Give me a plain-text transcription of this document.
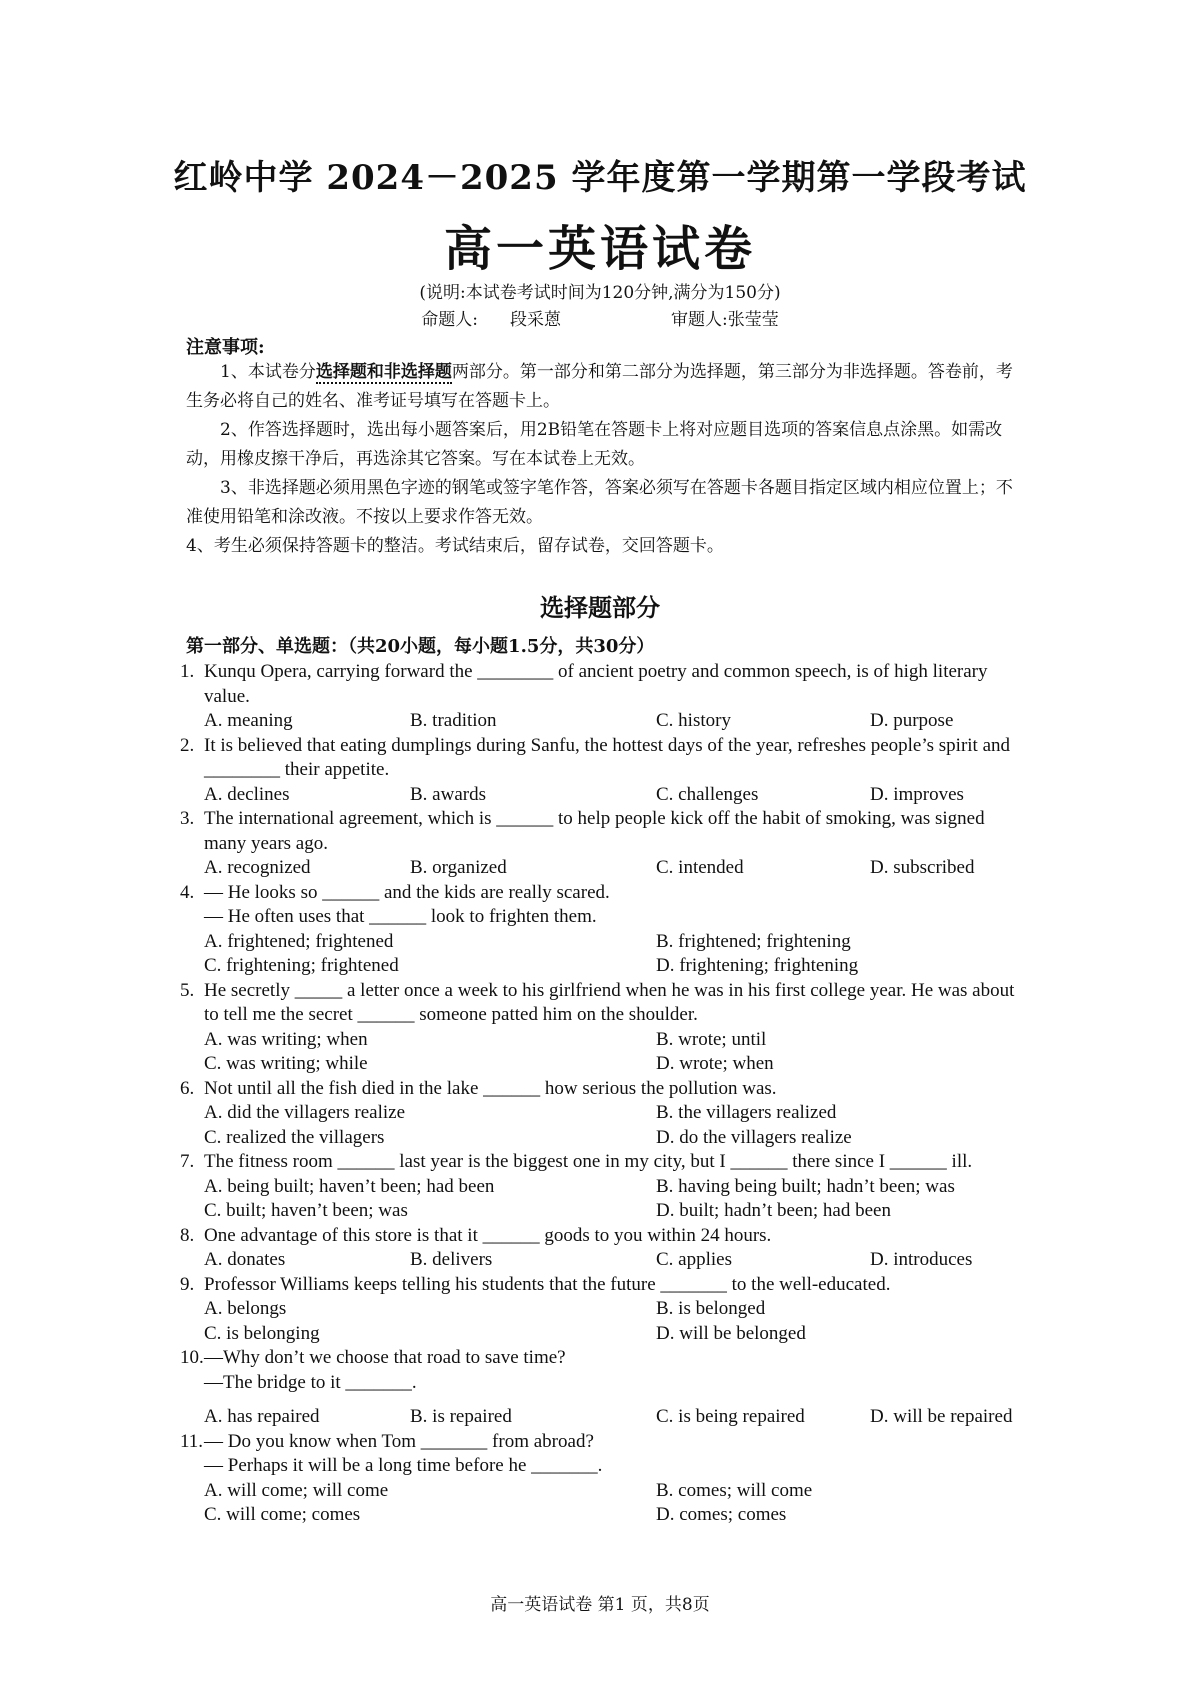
红岭中学 2024－2025 学年度第一学期第一学段考试
高一英语试卷
(说明:本试卷考试时间为120分钟,满分为150分)
命题人: 段采蒽	审题人:张莹莹
注意事项:

1、本试卷分选择题和非选择题两部分。第一部分和第二部分为选择题，第三部分为非选择题。答卷前，考生务必将自己的姓名、准考证号填写在答题卡上。

2、作答选择题时，选出每小题答案后，用2B铅笔在答题卡上将对应题目选项的答案信息点涂黑。如需改动，用橡皮擦干净后，再选涂其它答案。写在本试卷上无效。

3、非选择题必须用黑色字迹的钢笔或签字笔作答，答案必须写在答题卡各题目指定区域内相应位置上；不准使用铅笔和涂改液。不按以上要求作答无效。

4、考生必须保持答题卡的整洁。考试结束后，留存试卷，交回答题卡。

选择题部分
第一部分、单选题：（共20小题，每小题1.5分，共30分）
1. Kunqu Opera, carrying forward the ________ of ancient poetry and common speech, is of high literary value.
A. meaning	B. tradition	C. history	D. purpose
2. It is believed that eating dumplings during Sanfu, the hottest days of the year, refreshes people’s spirit and ________ their appetite.
A. declines	B. awards	C. challenges	D. improves
3. The international agreement, which is ______ to help people kick off the habit of smoking, was signed many years ago.
A. recognized	B. organized	C. intended	D. subscribed
4. — He looks so ______ and the kids are really scared.
— He often uses that ______ look to frighten them.
A. frightened; frightened	B. frightened; frightening
C. frightening; frightened	D. frightening; frightening
5. He secretly _____ a letter once a week to his girlfriend when he was in his first college year. He was about to tell me the secret ______ someone patted him on the shoulder.
A. was writing; when	B. wrote; until
C. was writing; while	D. wrote; when
6. Not until all the fish died in the lake ______ how serious the pollution was.
A. did the villagers realize	B. the villagers realized
C. realized the villagers	D. do the villagers realize
7. The fitness room ______ last year is the biggest one in my city, but I ______ there since I ______ ill.
A. being built; haven’t been; had been	B. having being built; hadn’t been; was
C. built; haven’t been; was	D. built; hadn’t been; had been
8. One advantage of this store is that it ______ goods to you within 24 hours.
A. donates	B. delivers	C. applies	D. introduces
9. Professor Williams keeps telling his students that the future _______ to the well-educated.
A. belongs	B. is belonged
C. is belonging	D. will be belonged
10. —Why don’t we choose that road to save time?
—The bridge to it _______.
A. has repaired	B. is repaired	C. is being repaired	D. will be repaired
11. — Do you know when Tom _______ from abroad?
— Perhaps it will be a long time before he _______.
A. will come; will come	B. comes; will come
C. will come; comes	D. comes; comes
高一英语试卷 第1 页，共8页
